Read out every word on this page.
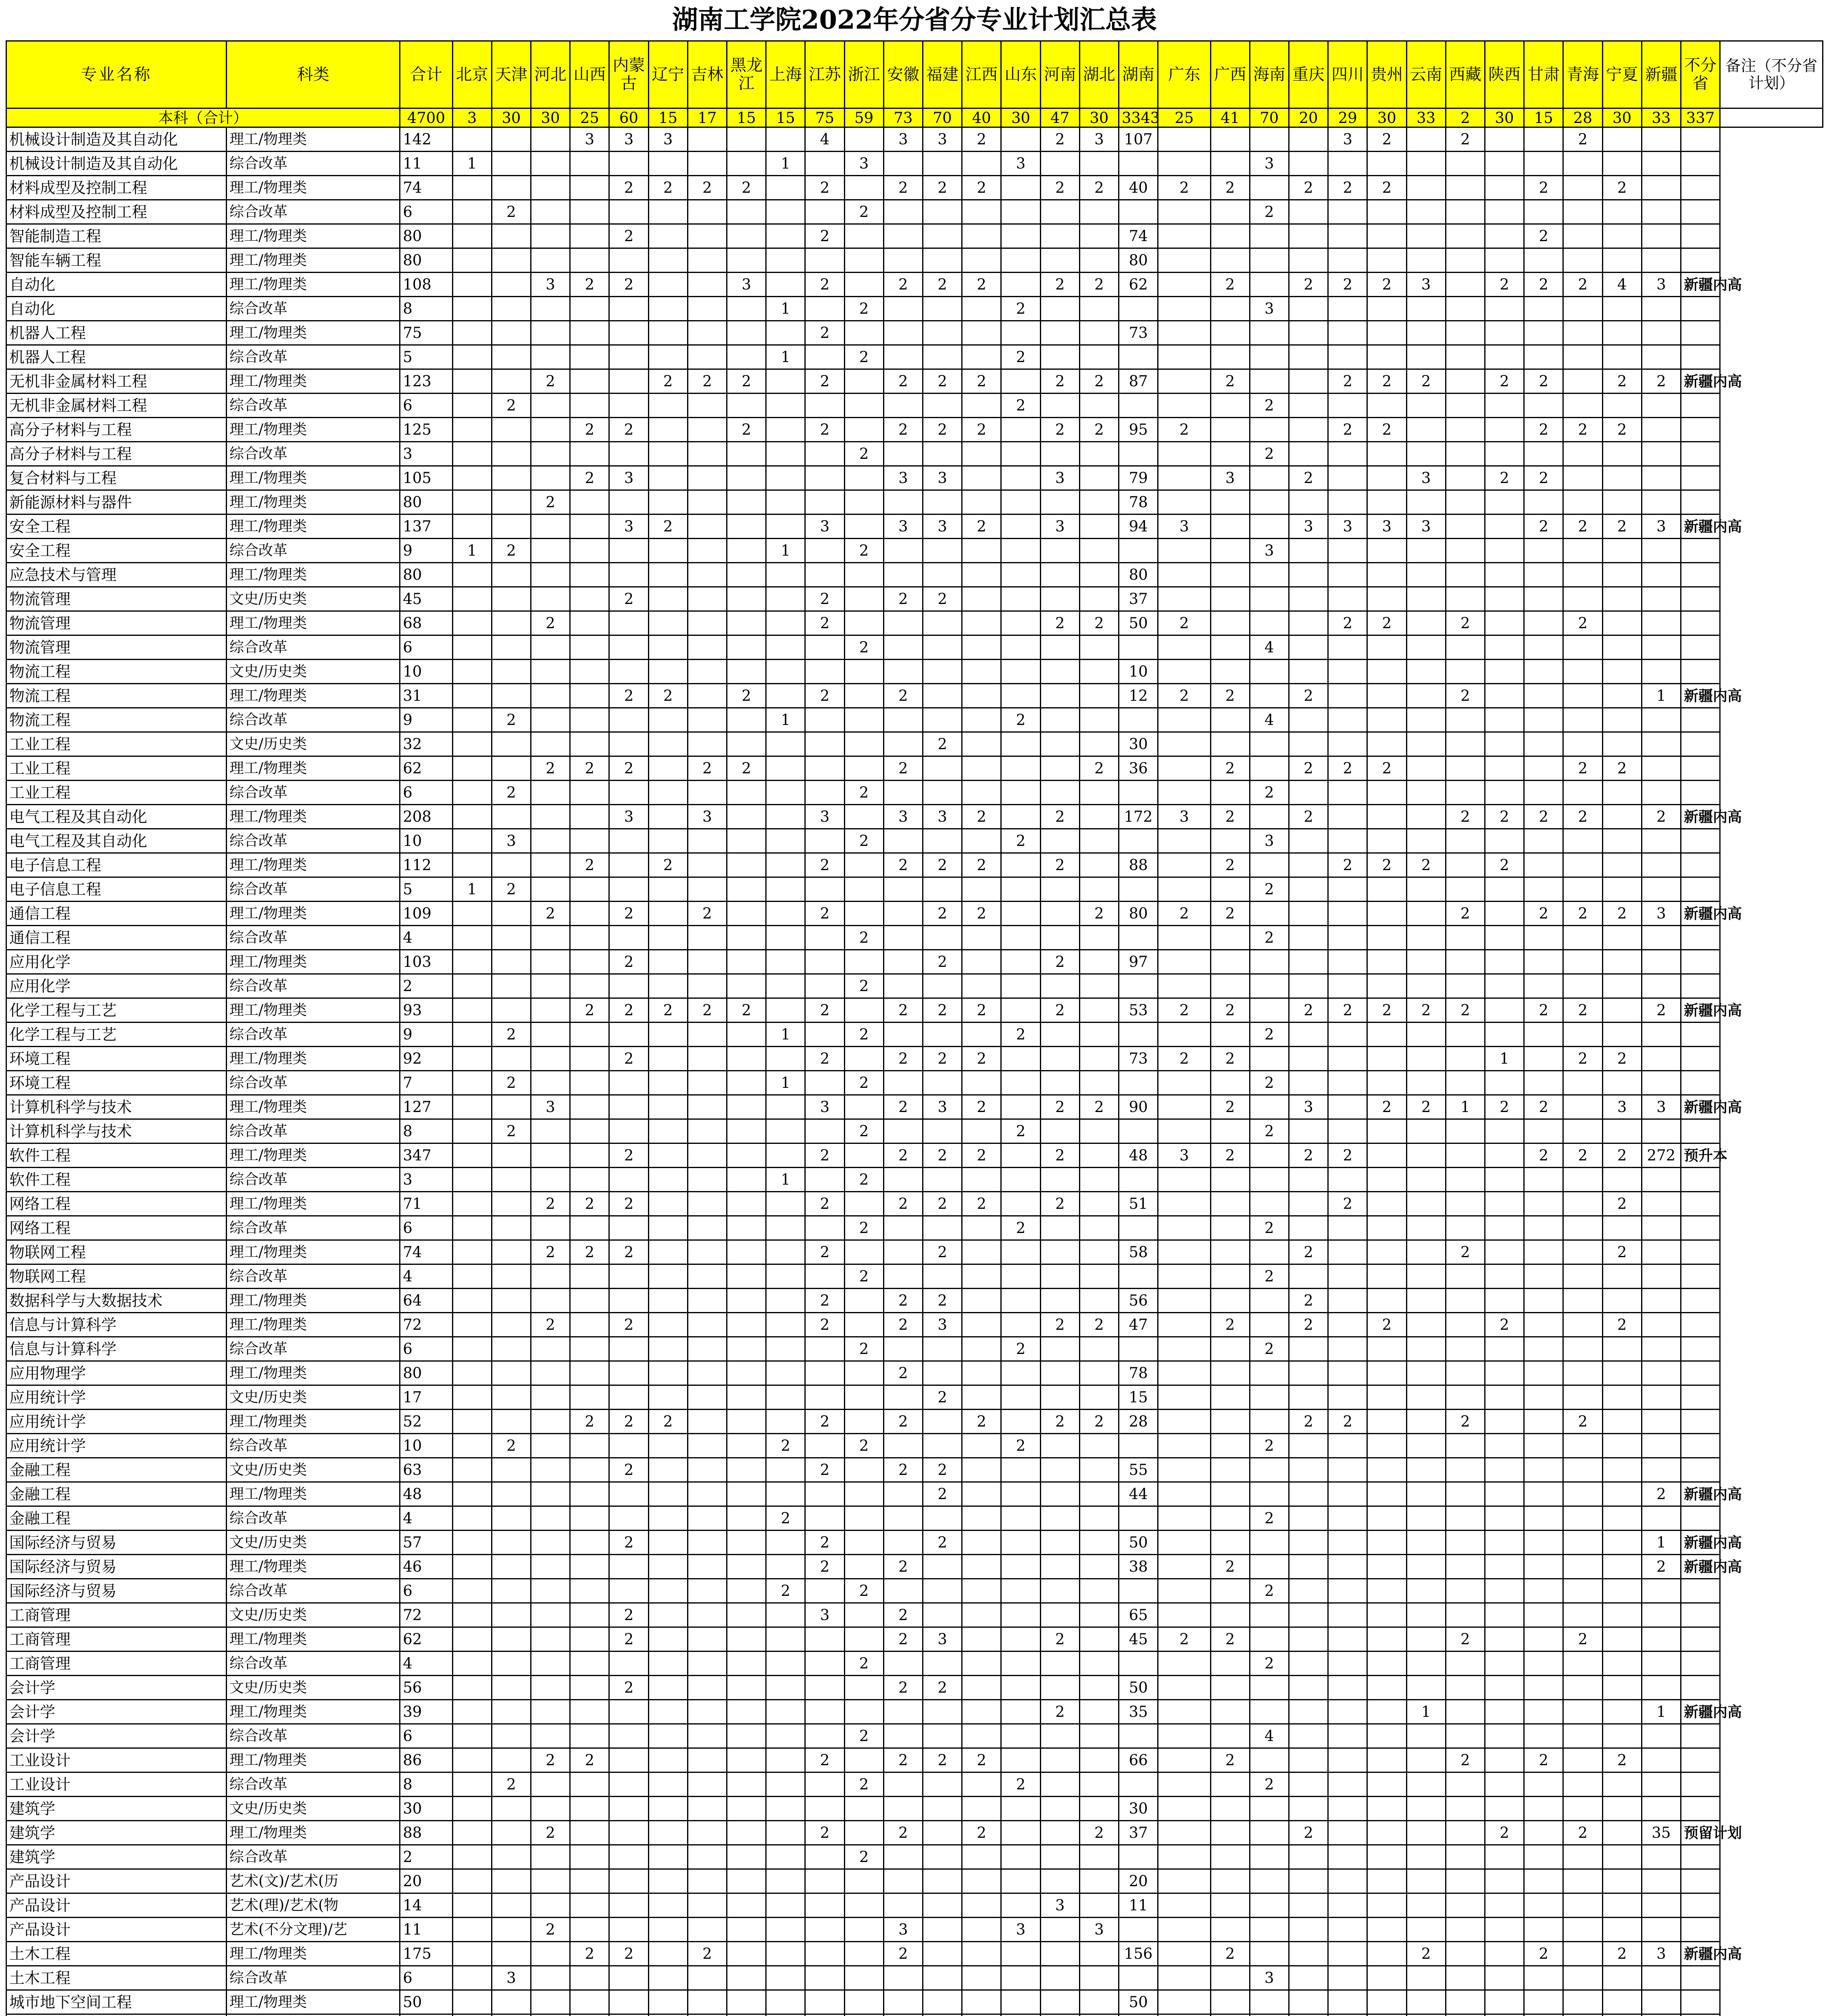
湖南工学院2022年分省分专业计划汇总表
专业名称	科类	合计	北京	天津	河北	山西	内蒙古	辽宁	吉林	黑龙江	上海	江苏	浙江	安徽	福建	江西	山东	河南	湖北	湖南	广东	广西	海南	重庆	四川	贵州	云南	西藏	陕西	甘肃	青海	宁夏	新疆	不分省	备注（不分省计划）
本科（合计）		4700	3	30	30	25	60	15	17	15	15	75	59	73	70	40	30	47	30	3343	25	41	70	20	29	30	33	2	30	15	28	30	33	337	
机械设计制造及其自动化	理工/物理类	142				3	3	3				4		3	3	2		2	3	107					3	2		2			2				
机械设计制造及其自动化	综合改革	11	1								1		3				3						3												
材料成型及控制工程	理工/物理类	74					2	2	2	2		2		2	2	2		2	2	40	2	2		2	2	2				2		2			
材料成型及控制工程	综合改革	6		2									2										2												
智能制造工程	理工/物理类	80					2					2								74										2					
智能车辆工程	理工/物理类	80																		80															
自动化	理工/物理类	108			3	2	2			3		2		2	2	2		2	2	62		2		2	2	2	3		2	2	2	4	3	新疆内高	
自动化	综合改革	8									1		2				2						3												
机器人工程	理工/物理类	75										2								73															
机器人工程	综合改革	5									1		2				2																		
无机非金属材料工程	理工/物理类	123			2			2	2	2		2		2	2	2		2	2	87		2			2	2	2		2	2		2	2	新疆内高	
无机非金属材料工程	综合改革	6		2													2						2												
高分子材料与工程	理工/物理类	125				2	2			2		2		2	2	2		2	2	95	2				2	2				2	2	2			
高分子材料与工程	综合改革	3											2										2												
复合材料与工程	理工/物理类	105				2	3							3	3			3		79		3		2			3		2	2					
新能源材料与器件	理工/物理类	80			2															78															
安全工程	理工/物理类	137					3	2				3		3	3	2		3		94	3			3	3	3	3			2	2	2	3	新疆内高	
安全工程	综合改革	9	1	2							1		2										3												
应急技术与管理	理工/物理类	80																		80															
物流管理	文史/历史类	45					2					2		2	2					37															
物流管理	理工/物理类	68			2							2						2	2	50	2				2	2		2			2				
物流管理	综合改革	6											2										4												
物流工程	文史/历史类	10																		10															
物流工程	理工/物理类	31					2	2		2		2		2						12	2	2		2				2					1	新疆内高	
物流工程	综合改革	9		2							1						2						4												
工业工程	文史/历史类	32													2					30															
工业工程	理工/物理类	62			2	2	2		2	2				2					2	36		2		2	2	2					2	2			
工业工程	综合改革	6		2									2										2												
电气工程及其自动化	理工/物理类	208					3		3			3		3	3	2		2		172	3	2		2				2	2	2	2		2	新疆内高	
电气工程及其自动化	综合改革	10		3									2				2						3												
电子信息工程	理工/物理类	112				2		2				2		2	2	2		2		88		2			2	2	2		2						
电子信息工程	综合改革	5	1	2																			2												
通信工程	理工/物理类	109			2		2		2			2			2	2			2	80	2	2						2		2	2	2	3	新疆内高	
通信工程	综合改革	4											2										2												
应用化学	理工/物理类	103					2								2			2		97															
应用化学	综合改革	2											2																						
化学工程与工艺	理工/物理类	93				2	2	2	2	2		2		2	2	2		2		53	2	2		2	2	2	2	2		2	2		2	新疆内高	
化学工程与工艺	综合改革	9		2							1		2				2						2												
环境工程	理工/物理类	92					2					2		2	2	2				73	2	2							1		2	2			
环境工程	综合改革	7		2							1		2										2												
计算机科学与技术	理工/物理类	127			3							3		2	3	2		2	2	90		2		3		2	2	1	2	2		3	3	新疆内高	
计算机科学与技术	综合改革	8		2									2				2						2												
软件工程	理工/物理类	347					2					2		2	2	2		2		48	3	2		2	2					2	2	2	272	预升本	
软件工程	综合改革	3									1		2																						
网络工程	理工/物理类	71			2	2	2					2		2	2	2		2		51					2							2			
网络工程	综合改革	6											2				2						2												
物联网工程	理工/物理类	74			2	2	2					2			2					58				2				2				2			
物联网工程	综合改革	4											2										2												
数据科学与大数据技术	理工/物理类	64										2		2	2					56				2											
信息与计算科学	理工/物理类	72			2		2					2		2	3			2	2	47		2		2		2			2			2			
信息与计算科学	综合改革	6											2				2						2												
应用物理学	理工/物理类	80												2						78															
应用统计学	文史/历史类	17													2					15															
应用统计学	理工/物理类	52				2	2	2				2		2		2		2	2	28				2	2			2			2				
应用统计学	综合改革	10		2							2		2				2						2												
金融工程	文史/历史类	63					2					2		2	2					55															
金融工程	理工/物理类	48													2					44													2	新疆内高	
金融工程	综合改革	4									2												2												
国际经济与贸易	文史/历史类	57					2					2			2					50													1	新疆内高	
国际经济与贸易	理工/物理类	46										2		2						38		2											2	新疆内高	
国际经济与贸易	综合改革	6									2		2										2												
工商管理	文史/历史类	72					2					3		2						65															
工商管理	理工/物理类	62					2							2	3			2		45	2	2						2			2				
工商管理	综合改革	4											2										2												
会计学	文史/历史类	56					2							2	2					50															
会计学	理工/物理类	39																2		35							1						1	新疆内高	
会计学	综合改革	6											2										4												
工业设计	理工/物理类	86			2	2						2		2	2	2				66		2						2		2		2			
工业设计	综合改革	8		2									2				2						2												
建筑学	文史/历史类	30																		30															
建筑学	理工/物理类	88			2							2		2		2			2	37				2					2		2		35	预留计划	
建筑学	综合改革	2											2																						
产品设计	艺术(文)/艺术(历	20																		20															
产品设计	艺术(理)/艺术(物	14																3		11															
产品设计	艺术(不分文理)/艺	11			2									3			3		3																
土木工程	理工/物理类	175				2	2		2					2						156		2					2			2		2	3	新疆内高	
土木工程	综合改革	6		3																			3												
城市地下空间工程	理工/物理类	50																		50															
